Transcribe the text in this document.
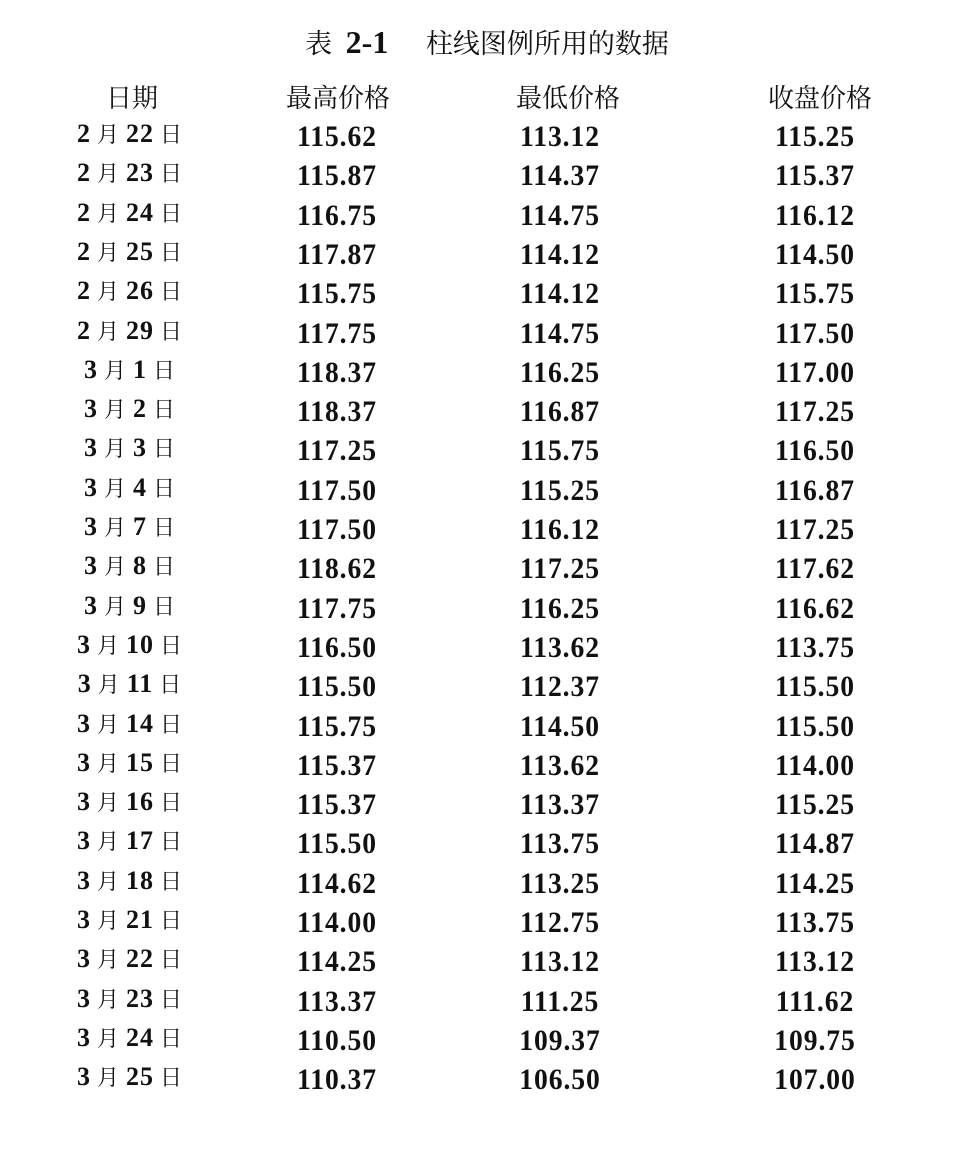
表 2-1 柱线图例所用的数据
日期	最高价格	最低价格	收盘价格
2 月 22 日	115.62	113.12	115.25
2 月 23 日	115.87	114.37	115.37
2 月 24 日	116.75	114.75	116.12
2 月 25 日	117.87	114.12	114.50
2 月 26 日	115.75	114.12	115.75
2 月 29 日	117.75	114.75	117.50
3 月 1 日	118.37	116.25	117.00
3 月 2 日	118.37	116.87	117.25
3 月 3 日	117.25	115.75	116.50
3 月 4 日	117.50	115.25	116.87
3 月 7 日	117.50	116.12	117.25
3 月 8 日	118.62	117.25	117.62
3 月 9 日	117.75	116.25	116.62
3 月 10 日	116.50	113.62	113.75
3 月 11 日	115.50	112.37	115.50
3 月 14 日	115.75	114.50	115.50
3 月 15 日	115.37	113.62	114.00
3 月 16 日	115.37	113.37	115.25
3 月 17 日	115.50	113.75	114.87
3 月 18 日	114.62	113.25	114.25
3 月 21 日	114.00	112.75	113.75
3 月 22 日	114.25	113.12	113.12
3 月 23 日	113.37	111.25	111.62
3 月 24 日	110.50	109.37	109.75
3 月 25 日	110.37	106.50	107.00
